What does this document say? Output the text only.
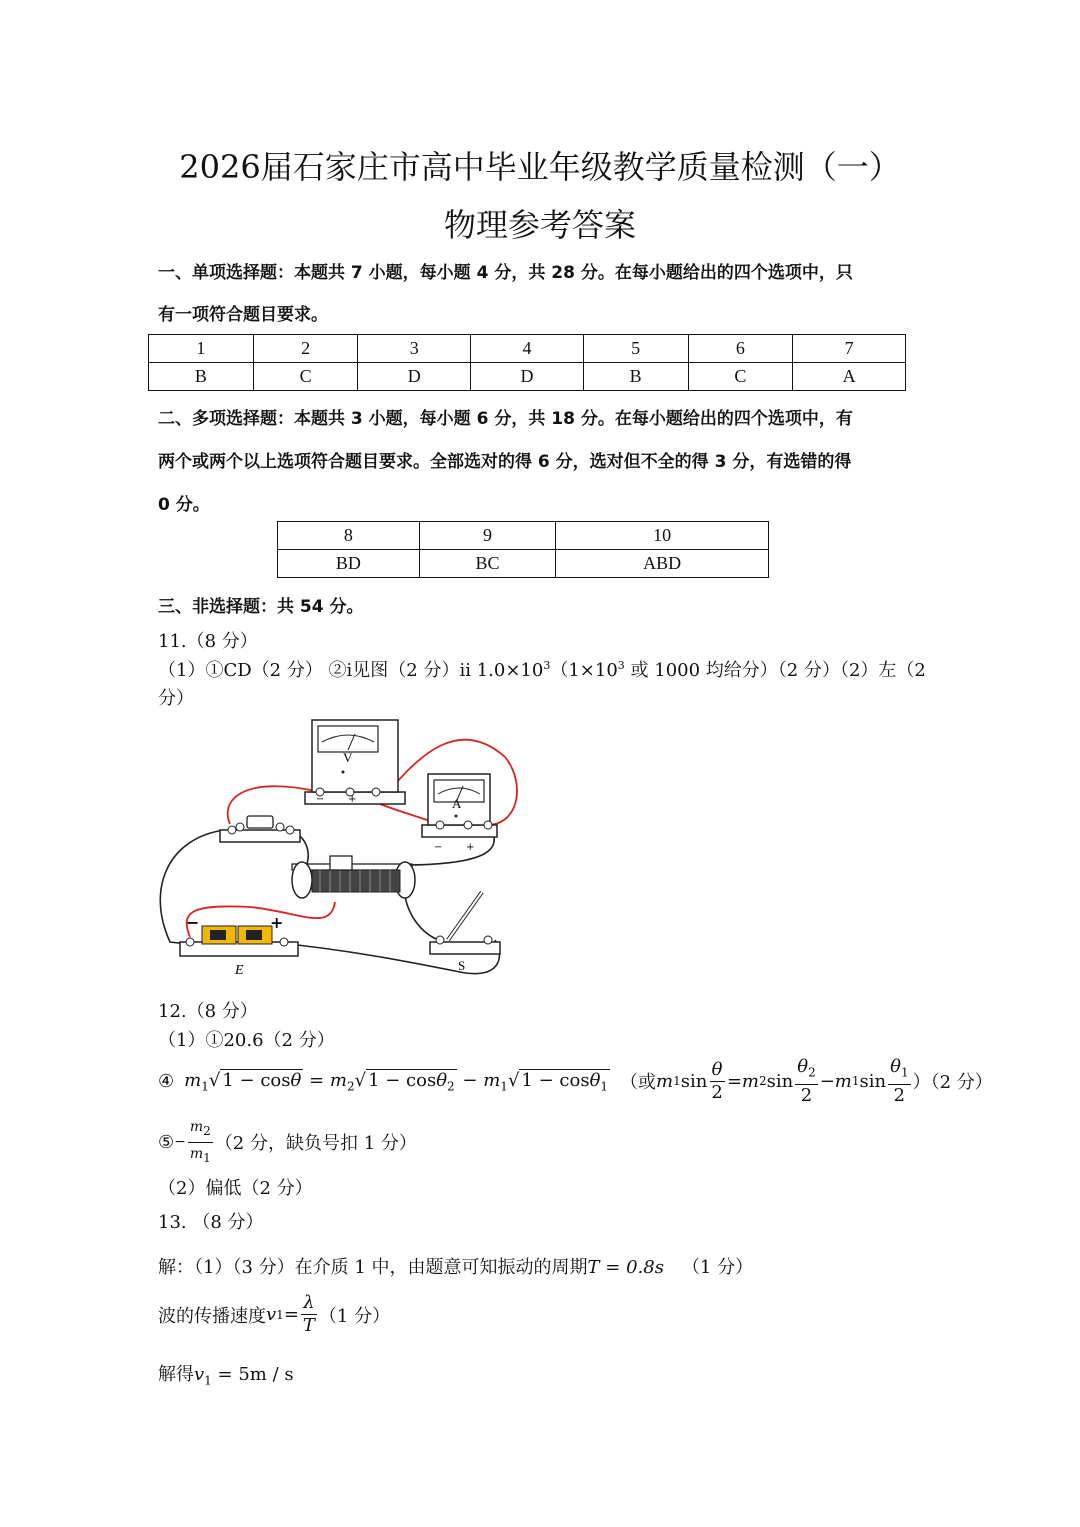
2026届石家庄市高中毕业年级教学质量检测（一）
物理参考答案
一、单项选择题：本题共 7 小题，每小题 4 分，共 28 分。在每小题给出的四个选项中，只
有一项符合题目要求。
1	2	3	4	5	6	7
B	C	D	D	B	C	A
二、多项选择题：本题共 3 小题，每小题 6 分，共 18 分。在每小题给出的四个选项中，有
两个或两个以上选项符合题目要求。全部选对的得 6 分，选对但不全的得 3 分，有选错的得
0 分。
8	9	10
BD	BC	ABD
三、非选择题：共 54 分。
11.（8 分）
（1）①CD（2 分） ②ⅰ见图（2 分）ⅱ $1.0\times 10^3(1\times 10^3$ 或 1000 均给分）（2 分）（2）左（2
分）
V
− +	A
− +
−	+
E	S
12.（8 分）
（1）①20.6（2 分）
④ $m_1√$ $1 - \cos\theta = m_2√$ $1 - \cos\theta_2 - m_1√$ 1 − cosθ$_1$ （或 m 1 $\sin \frac{\theta}{2} = m$ 2 $\sin \frac{\theta_2}{2} - m$ 1 $\sin \frac{\theta_1}{2} )(2$ 分）
⑤ − $\frac{m_2}{m_1} (2$ 分，缺负号扣 1 分）
（2）偏低（2 分）
13. （8 分）
解：（1）（3 分）在介质 1 中，由题意可知振动的周期T = 0.8s （1 分）
波的传播速度 v $1 = \frac{\lambda}{T} (1$ 分）
解得$v_1 = 5m / s$
